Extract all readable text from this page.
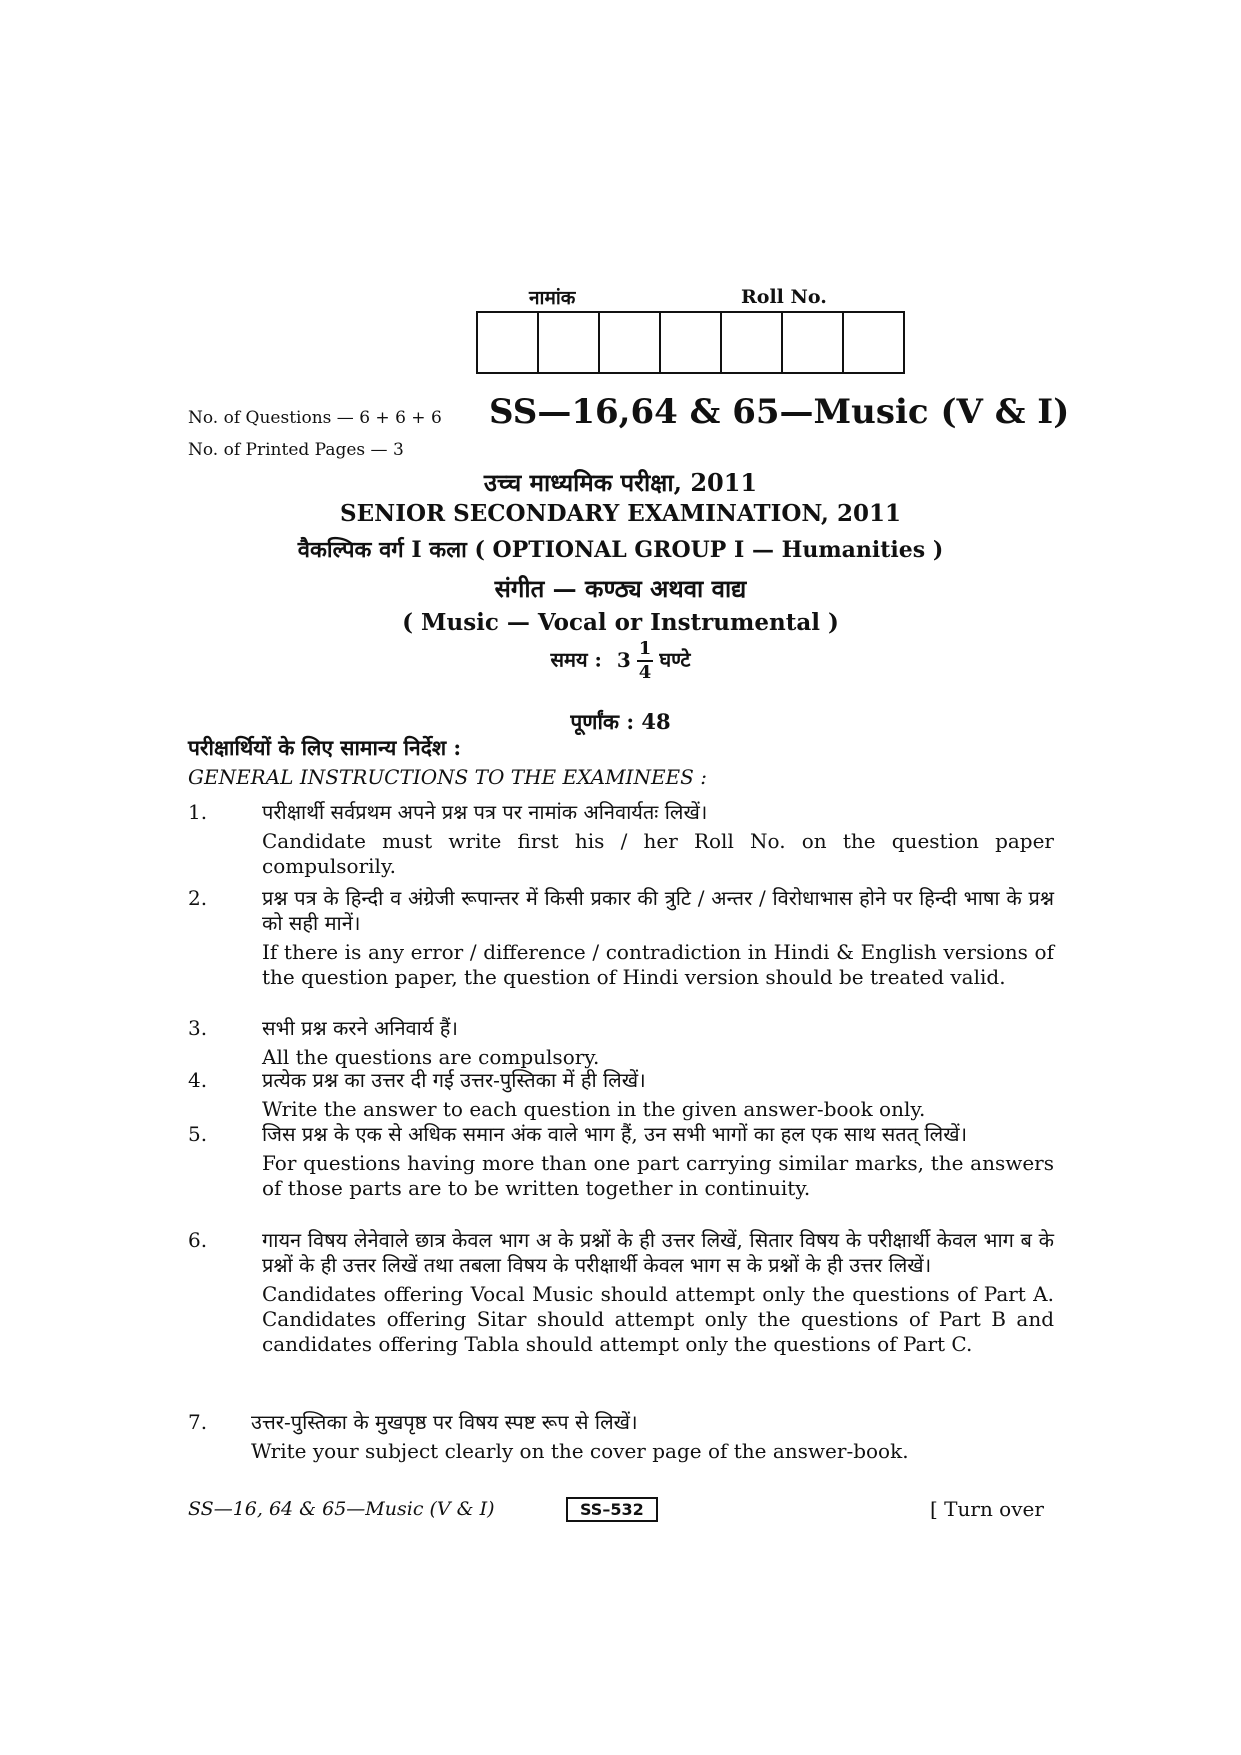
नामांक	Roll No.
No. of Questions — 6 + 6 + 6
No. of Printed Pages — 3
SS—16,64 & 65—Music (V & I)
उच्च माध्यमिक परीक्षा, 2011
SENIOR SECONDARY EXAMINATION, 2011
वैकल्पिक वर्ग I कला ( OPTIONAL GROUP I — Humanities )
संगीत — कण्ठ्य अथवा वाद्य
( Music — Vocal or Instrumental )
समय : $3 \frac{1}{4}$ घण्टे
पूर्णांक : 48
परीक्षार्थियों के लिए सामान्य निर्देश :
GENERAL INSTRUCTIONS TO THE EXAMINEES :
1.	परीक्षार्थी सर्वप्रथम अपने प्रश्न पत्र पर नामांक अनिवार्यतः लिखें।
Candidate must write first his / her Roll No. on the question paper compulsorily.
2.	प्रश्न पत्र के हिन्दी व अंग्रेजी रूपान्तर में किसी प्रकार की त्रुटि / अन्तर / विरोधाभास होने पर हिन्दी भाषा के प्रश्न को सही मानें।
If there is any error / difference / contradiction in Hindi & English versions of the question paper, the question of Hindi version should be treated valid.
3.	सभी प्रश्न करने अनिवार्य हैं।
All the questions are compulsory.
4.	प्रत्येक प्रश्न का उत्तर दी गई उत्तर-पुस्तिका में ही लिखें।
Write the answer to each question in the given answer-book only.
5.	जिस प्रश्न के एक से अधिक समान अंक वाले भाग हैं, उन सभी भागों का हल एक साथ सतत् लिखें।
For questions having more than one part carrying similar marks, the answers of those parts are to be written together in continuity.
6.	गायन विषय लेनेवाले छात्र केवल भाग अ के प्रश्नों के ही उत्तर लिखें, सितार विषय के परीक्षार्थी केवल भाग ब के प्रश्नों के ही उत्तर लिखें तथा तबला विषय के परीक्षार्थी केवल भाग स के प्रश्नों के ही उत्तर लिखें।
Candidates offering Vocal Music should attempt only the questions of Part A. Candidates offering Sitar should attempt only the questions of Part B and candidates offering Tabla should attempt only the questions of Part C.
7. उत्तर-पुस्तिका के मुखपृष्ठ पर विषय स्पष्ट रूप से लिखें।
Write your subject clearly on the cover page of the answer-book.
SS—16, 64 & 65—Music (V & I)	SS–532	[ Turn over
